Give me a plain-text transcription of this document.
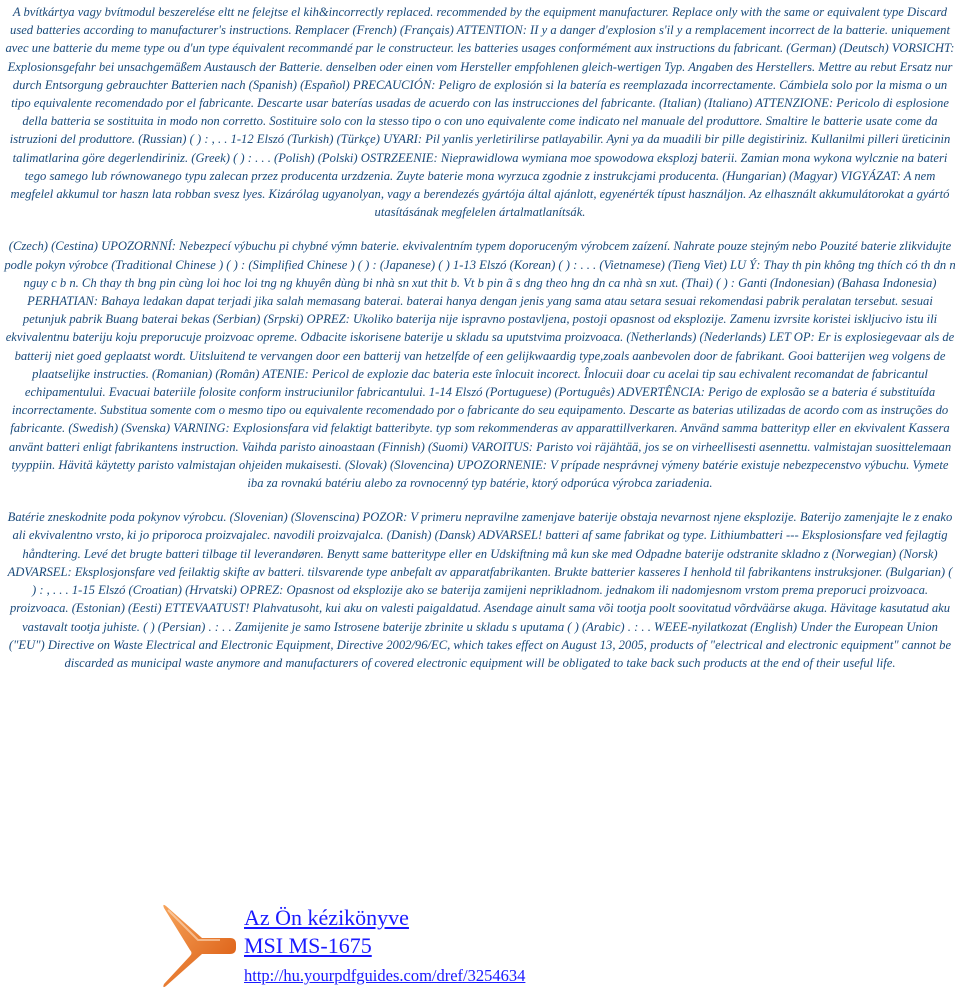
A bvítkártya vagy bvítmodul beszerelése eltt ne felejtse el kih&incorrectly replaced. recommended by the equipment manufacturer. Replace only with the same or equivalent type Discard used batteries according to manufacturer's instructions. Remplacer (French) (Français) ATTENTION: II y a danger d'explosion s'il y a remplacement incorrect de la batterie. uniquement avec une batterie du meme type ou d'un type équivalent recommandé par le constructeur. les batteries usages conformément aux instructions du fabricant. (German) (Deutsch) VORSICHT: Explosionsgefahr bei unsachgemäßem Austausch der Batterie. denselben oder einen vom Hersteller empfohlenen gleich-wertigen Typ. Angaben des Herstellers. Mettre au rebut Ersatz nur durch Entsorgung gebrauchter Batterien nach (Spanish) (Español) PRECAUCIÓN: Peligro de explosión si la batería es reemplazada incorrectamente. Cámbiela solo por la misma o un tipo equivalente recomendado por el fabricante. Descarte usar baterías usadas de acuerdo con las instrucciones del fabricante. (Italian) (Italiano) ATTENZIONE: Pericolo di esplosione della batteria se sostituita in modo non corretto. Sostituire solo con la stesso tipo o con uno equivalente come indicato nel manuale del produttore. Smaltire le batterie usate come da istruzioni del produttore. (Russian) ( ) : , . . 1-12 Elszó (Turkish) (Türkçe) UYARI: Pil yanlis yerletirilirse patlayabilir. Ayni ya da muadili bir pille degistiriniz. Kullanilmi pilleri üreticinin talimatlarina göre degerlendiriniz. (Greek) ( ) : . . . (Polish) (Polski) OSTRZEENIE: Nieprawidlowa wymiana moe spowodowa eksplozj baterii. Zamian mona wykona wylcznie na bateri tego samego lub równowanego typu zalecan przez producenta urzdzenia. Zuyte baterie mona wyrzuca zgodnie z instrukcjami producenta. (Hungarian) (Magyar) VIGYÁZAT: A nem megfelel akkumul tor haszn lata robban svesz lyes. Kizárólag ugyanolyan, vagy a berendezés gyártója által ajánlott, egyenérték típust használjon. Az elhasznált akkumulátorokat a gyártó utasításának megfelelen ártalmatlanítsák.

(Czech) (Cestina) UPOZORNNÍ: Nebezpecí výbuchu pi chybné výmn baterie. ekvivalentním typem doporuceným výrobcem zaízení. Nahrate pouze stejným nebo Pouzité baterie zlikvidujte podle pokyn výrobce (Traditional Chinese ) ( ) : (Simplified Chinese ) ( ) : (Japanese) ( ) 1-13 Elszó (Korean) ( ) : . . . (Vietnamese) (Tieng Viet) LU Ý: Thay th pin không tng thích có th dn n nguy c b n. Ch thay th bng pin cùng loi hoc loi tng ng khuyên dùng bi nhà sn xut thit b. Vt b pin ã s dng theo hng dn ca nhà sn xut. (Thai) ( ) : Ganti (Indonesian) (Bahasa Indonesia) PERHATIAN: Bahaya ledakan dapat terjadi jika salah memasang baterai. baterai hanya dengan jenis yang sama atau setara sesuai rekomendasi pabrik peralatan tersebut. sesuai petunjuk pabrik Buang baterai bekas (Serbian) (Srpski) OPREZ: Ukoliko baterija nije ispravno postavljena, postoji opasnost od eksplozije. Zamenu izvrsite koristei iskljucivo istu ili ekvivalentnu bateriju koju preporucuje proizvoac opreme. Odbacite iskorisene baterije u skladu sa uputstvima proizvoaca. (Netherlands) (Nederlands) LET OP: Er is explosiegevaar als de batterij niet goed geplaatst wordt. Uitsluitend te vervangen door een batterij van hetzelfde of een gelijkwaardig type,zoals aanbevolen door de fabrikant. Gooi batterijen weg volgens de plaatselijke instructies. (Romanian) (Român) ATENIE: Pericol de explozie dac bateria este înlocuit incorect. Înlocuii doar cu acelai tip sau echivalent recomandat de fabricantul echipamentului. Evacuai bateriile folosite conform instruciunilor fabricantului. 1-14 Elszó (Portuguese) (Português) ADVERTÊNCIA: Perigo de explosão se a bateria é substituída incorrectamente. Substitua somente com o mesmo tipo ou equivalente recomendado por o fabricante do seu equipamento. Descarte as baterias utilizadas de acordo com as instruções do fabricante. (Swedish) (Svenska) VARNING: Explosionsfara vid felaktigt batteribyte. typ som rekommenderas av apparattillverkaren. Använd samma batterityp eller en ekvivalent Kassera använt batteri enligt fabrikantens instruction. Vaihda paristo ainoastaan (Finnish) (Suomi) VAROITUS: Paristo voi räjähtää, jos se on virheellisesti asennettu. valmistajan suosittelemaan tyyppiin. Hävitä käytetty paristo valmistajan ohjeiden mukaisesti. (Slovak) (Slovencina) UPOZORNENIE: V prípade nesprávnej výmeny batérie existuje nebezpecenstvo výbuchu. Vymete iba za rovnakú batériu alebo za rovnocenný typ batérie, ktorý odporúca výrobca zariadenia.

Batérie zneskodnite poda pokynov výrobcu. (Slovenian) (Slovenscina) POZOR: V primeru nepravilne zamenjave baterije obstaja nevarnost njene eksplozije. Baterijo zamenjajte le z enako ali ekvivalentno vrsto, ki jo priporoca proizvajalec. navodili proizvajalca. (Danish) (Dansk) ADVARSEL! batteri af same fabrikat og type. Lithiumbatteri --- Eksplosionsfare ved fejlagtig håndtering. Levé det brugte batteri tilbage til leverandøren. Benytt same batteritype eller en Udskiftning må kun ske med Odpadne baterije odstranite skladno z (Norwegian) (Norsk) ADVARSEL: Eksplosjonsfare ved feilaktig skifte av batteri. tilsvarende type anbefalt av apparatfabrikanten. Brukte batterier kasseres I henhold til fabrikantens instruksjoner. (Bulgarian) ( ) : , . . . 1-15 Elszó (Croatian) (Hrvatski) OPREZ: Opasnost od eksplozije ako se baterija zamijeni neprikladnom. jednakom ili nadomjesnom vrstom prema preporuci proizvoaca. proizvoaca. (Estonian) (Eesti) ETTEVAATUST! Plahvatusoht, kui aku on valesti paigaldatud. Asendage ainult sama või tootja poolt soovitatud võrdväärse akuga. Hävitage kasutatud aku vastavalt tootja juhiste. ( ) (Persian) . : . . Zamijenite je samo Istrosene baterije zbrinite u skladu s uputama ( ) (Arabic) . : . . WEEE-nyilatkozat (English) Under the European Union ("EU") Directive on Waste Electrical and Electronic Equipment, Directive 2002/96/EC, which takes effect on August 13, 2005, products of "electrical and electronic equipment" cannot be discarded as municipal waste anymore and manufacturers of covered electronic equipment will be obligated to take back such products at the end of their useful life.

Az Ön kézikönyve
MSI MS-1675
http://hu.yourpdfguides.com/dref/3254634
